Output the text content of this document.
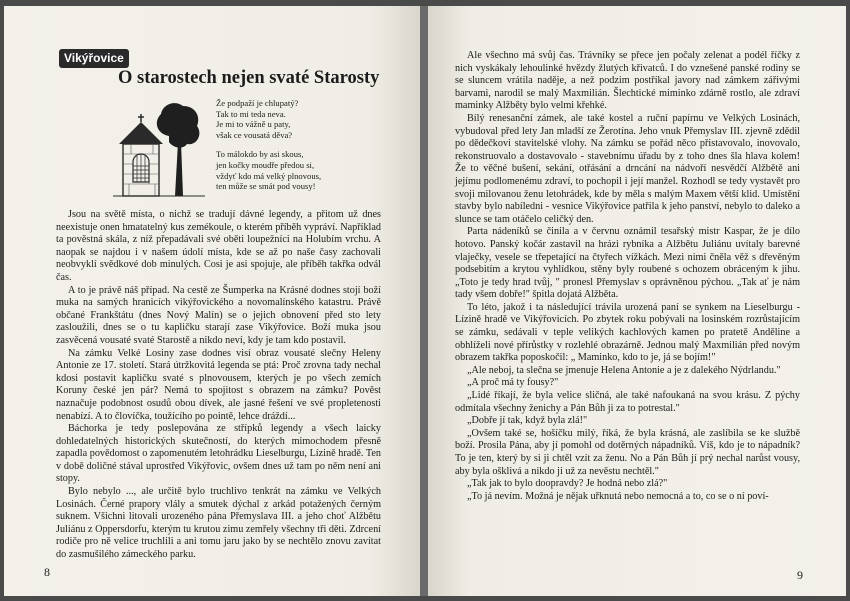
Vikýřovice
O starostech nejen svaté Starosty
Že podpaží je chlupatý?
Tak to mi teda neva.
Je mi to vážně u paty,
však ce vousatá děva?
To málokdo by asi skous,
jen kočky moudře předou si,
vždyť kdo má velký plnovous,
ten může se smát pod vousy!

Jsou na světě místa, o nichž se tradují dávné legendy, a přitom už dnes neexistuje onen hmatatelný kus zemékoule, o kterém příběh vypráví. Například ta pověstná skála, z níž přepadávali své oběti loupežníci na Holubím vrchu. A naopak se najdou i v našem údolí místa, kde se až po naše časy zachovali neobvyklí svědkové dob minulých. Cosi je asi spojuje, ale příběh takřka odvál čas.

A to je právě náš případ. Na cestě ze Šumperka na Krásné dodnes stojí boží muka na samých hranicích vikýřovického a novomalínského katastru. Právě občané Frankštátu (dnes Nový Malín) se o jejich obnovení před sto lety zasloužili, dnes se o tu kapličku starají zase Vikýřovice. Boží muka jsou zasvěcená vousaté svaté Starostě a nikdo neví, kdy je tam kdo postavil.

Na zámku Velké Losiny zase dodnes visí obraz vousaté slečny Heleny Antonie ze 17. století. Stará útržkovitá legenda se ptá: Proč zrovna tady nechal kdosi postavit kapličku svaté s plnovousem, kterých je po všech zemích Koruny české jen pár? Nemá to spojitost s obrazem na zámku? Pověst naznačuje podobnost osudů obou dívek, ale jasné řešení ve své propletenosti nenabízí. A to človíčka, toužícího po pointě, lehce dráždí...

Báchorka je tedy poslepována ze střípků legendy a všech laicky dohledatelných historických skutečností, do kterých mimochodem přesně zapadla povědomost o zapomenutém letohrádku Lieselburgu, Lízině hradě. Ten v době doličné stával uprostřed Vikýřovic, ovšem dnes už tam po něm není ani stopy.

Bylo nebylo ..., ale určitě bylo truchlivo tenkrát na zámku ve Velkých Losinách. Černé prapory vlály a smutek dýchal z arkád potažených černým suknem. Všichni litovali urozeného pána Přemyslava III. a jeho choť Alžbětu Juliánu z Oppersdorfu, kterým tu krutou zimu zemřely všechny tři děti. Zdrcení rodiče pro ně velice truchlili a ani tomu jaru jako by se nechtělo znovu zavítat do zasmušilého zámeckého parku.

8	9

Ale všechno má svůj čas. Trávníky se přece jen počaly zelenat a podél říčky z nich vyskákaly lehoulinké hvězdy žlutých křivatců. I do vznešené panské rodiny se se sluncem vrátila naděje, a než podzim postříkal javory nad zámkem zářivými barvami, narodil se malý Maxmilián. Šlechtické miminko zdárně rostlo, ale zdraví maminky Alžběty bylo velmi křehké.

Bílý renesanční zámek, ale také kostel a ruční papírnu ve Velkých Losinách, vybudoval před lety Jan mladší ze Žerotína. Jeho vnuk Přemyslav III. zjevně zdědil po dědečkovi stavitelské vlohy. Na zámku se pořád něco přistavovalo, inovovalo, rekonstruovalo a dostavovalo - stavebnímu úřadu by z toho dnes šla hlava kolem! Že to věčné bušení, sekání, otřásání a drncání na nádvoří nesvědčí Alžbětě ani jejímu podlomenému zdraví, to pochopil i její manžel. Rozhodl se tedy vystavět pro svoji milovanou ženu letohrádek, kde by měla s malým Maxem větší klid. Umístění stavby bylo nabíledni - vesnice Vikýřovice patřila k jeho panství, nebylo to daleko a slunce se tam otáčelo celičký den.

Parta nádeníků se činila a v červnu oznámil tesařský mistr Kaspar, že je dílo hotovo. Panský kočár zastavil na hrázi rybníka a Alžbětu Juliánu uvítaly barevné vlaječky, vesele se třepetající na čtyřech vížkách. Mezi nimi čněla věž s dřevěným podsebitím a krytou vyhlídkou, stěny byly roubené s ochozem obráceným k jihu. „Toto je tedy hrad tvůj, " pronesl Přemyslav s oprávněnou pýchou. „Tak ať je nám tady všem dobře!" špitla dojatá Alžběta.

To léto, jakož i ta následující trávila urozená paní se synkem na Lieselburgu - Lízině hradě ve Vikýřovicích. Po zbytek roku pobývali na losinském rozrůstajícím se zámku, sedávali v teple velikých kachlových kamen po pratetě Anděline a obhlíželi nové přírůstky v rozlehlé obrazárně. Jednou malý Maxmilián před novým obrazem takřka poposkočil: „ Maminko, kdo to je, já se bojím!"

„Ale neboj, ta slečna se jmenuje Helena Antonie a je z dalekého Nýdrlandu."

„A proč má ty fousy?"

„Lidé říkají, že byla velice sličná, ale také nafoukaná na svou krásu. Z pýchy odmítala všechny ženichy a Pán Bůh ji za to potrestal."

„Dobře jí tak, když byla zlá!"

„Ovšem také se, hošíčku milý, říká, že byla krásná, ale zaslíbila se ke službě boží. Prosila Pána, aby jí pomohl od dotěrných nápadníků. Víš, kdo je to nápadník? To je ten, který by si ji chtěl vzít za ženu. No a Pán Bůh jí prý nechal narůst vousy, aby byla ošklivá a nikdo ji už za nevěstu nechtěl."

„Tak jak to bylo doopravdy? Je hodná nebo zlá?"

„To já nevím. Možná je nějak uřknutá nebo nemocná a to, co se o ní poví-
